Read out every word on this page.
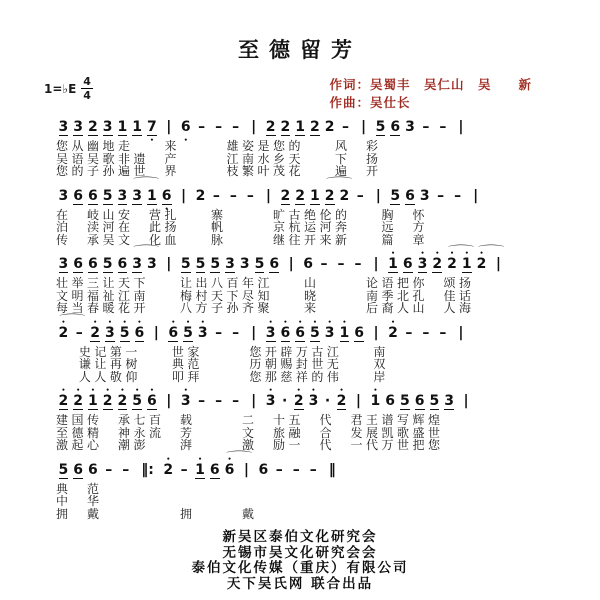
至德留芳
1=♭E $\frac{4}{4}$	作词：吴蜀丰　吴仁山　吴　　新
作曲：吴仕长
3 3 2 3 1 1 • 7 | • 6 – – – | 2 2 1 2 2 – | 5 6 3 – – |
您从幽地走　　来　　　雄姿是您的　　风　彩
吴语吴歌非遗　产　　　江南水乡天　　下　扬
您的子孙遍世　界　　　枝繁叶茂花　　遍　开
3 6 6 5 3 3 ⌒ 1 • 6 | 2 – – – | 2 2 1 2 ⌒ 2 – | 5 6 3 – – |
在　岐山安　营扎　　寨　　　旷古绝伦的　　胸　怀
泊　渎河在　此扬　　帆　　　京杭运河奔　　远　方
传　承吴文　化血　　脉　　　继往开来新　　篇　章
3 6 6 5 6 3 ⌒ 3 | 5 5 5 3 3 5 6 | 6 – – – | • 1 6 • 3 • 2 • 2 ⌒ • 1 • 2 ⌒ |
壮举三让天下　　让出八百年江　　山　　　论语把你　颂扬
文明福祉江南　　梅村天下尽知　　晓　　　南季北孔　佳话
每当春暖花开　　八方子孙齐聚　　来　　　后裔人山　人海
• 2 ⌒ – • 2 • 3 • 5 • 6 | • 6 • 5 • 3 – – | • 3 • 6 • 6 • 5 • 3 • 1 6 | • 2 – – – |
　 史记第一　　世家　　　您开辟万古江　　南
　 谦让再树　　典范　　　历朝赐封世无　　双
　 人人敬仰　　叩拜　　　您那慈祥的伟　　岸
• 2 • 2 • 1 • 2 • 2 • 5 • 6 | • 3 – – – | • 3 · • 2 • 3 · • 2 | • 1 6 5 6 5 3 |
建国传　承七百　载　　　二　十五　代　君王谱写辉煌
至德精　神永流　芳　　　文　旅融　合　发展凯歌盛世
激起心　潮澎　　湃　　　激　励一　代　一代万世把您
5 6 6 – – ‖: • 2 – • 1 6 • 6 ⌒ | 6 – – – ‖
典　范
中　华
拥　戴　　　　　拥　　　戴
新吴区泰伯文化研究会
无锡市吴文化研究会会
泰伯文化传媒（重庆）有限公司
天下吴氏网 联合出品
